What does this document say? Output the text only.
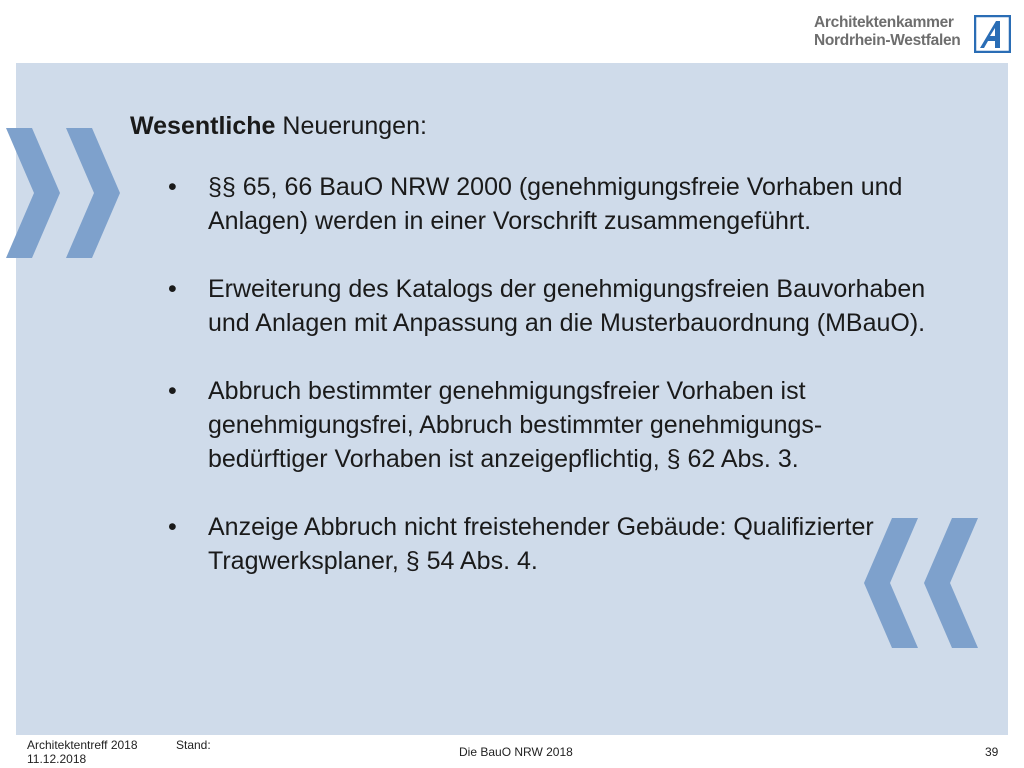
Architektenkammer
Nordrhein-Westfalen
Wesentliche Neuerungen:
• §§ 65, 66 BauO NRW 2000 (genehmigungsfreie Vorhaben und Anlagen) werden in einer Vorschrift zusammengeführt.
• Erweiterung des Katalogs der genehmigungsfreien Bauvorhaben und Anlagen mit Anpassung an die Musterbauordnung (MBauO).
• Abbruch bestimmter genehmigungsfreier Vorhaben ist genehmigungsfrei, Abbruch bestimmter genehmigungs-bedürftiger Vorhaben ist anzeigepflichtig, § 62 Abs. 3.
• Anzeige Abbruch nicht freistehender Gebäude: Qualifizierter Tragwerksplaner, § 54 Abs. 4.
Architektentreff 2018
11.12.2018
Stand:	Die BauO NRW 2018	39
